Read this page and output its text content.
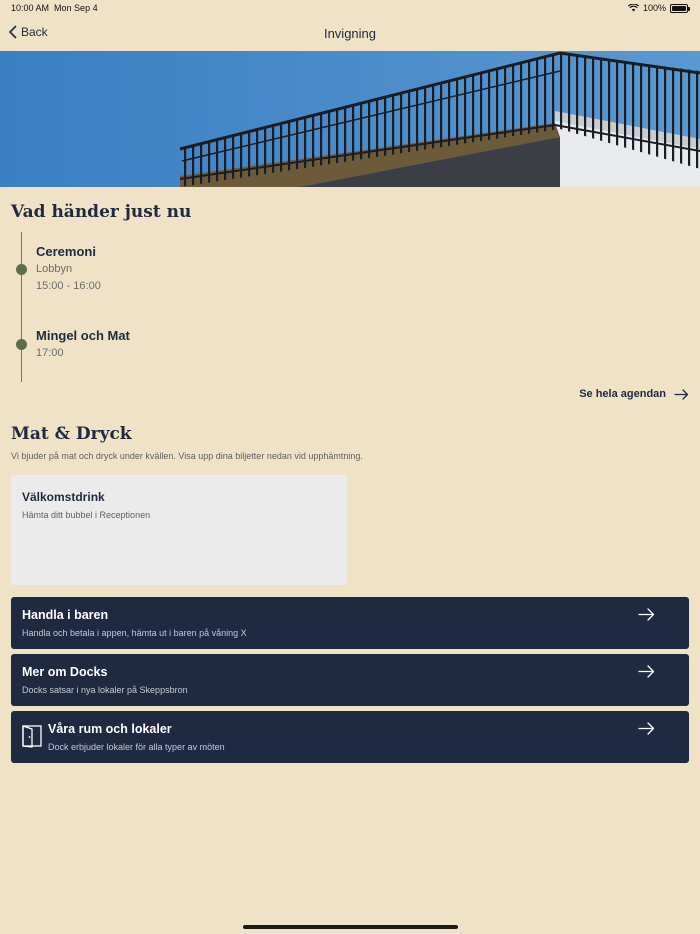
10:00 AM Mon Sep 4	100%
Back	Invigning
Vad händer just nu
Ceremoni
Lobbyn
15:00 - 16:00
Mingel och Mat
17:00
Se hela agendan
Mat & Dryck
Vi bjuder på mat och dryck under kvällen. Visa upp dina biljetter nedan vid upphämtning.
Välkomstdrink
Hämta ditt bubbel i Receptionen
Handla i baren
Handla och betala i appen, hämta ut i baren på våning X
Mer om Docks
Docks satsar i nya lokaler på Skeppsbron
Våra rum och lokaler
Dock erbjuder lokaler för alla typer av möten
